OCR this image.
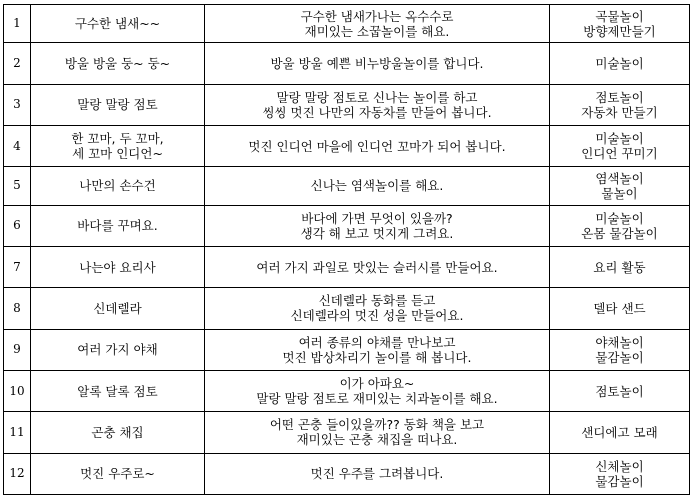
1	구수한 냄새~~	구수한 냄새가나는 옥수수로
재미있는 소꿉놀이를 해요.	곡물놀이
방향제만들기
2	방울 방울 둥~ 둥~	방울 방울 예쁜 비누방울놀이를 합니다.	미술놀이
3	말랑 말랑 점토	말랑 말랑 점토로 신나는 놀이를 하고
씽씽 멋진 나만의 자동차를 만들어 봅니다.	점토놀이
자동차 만들기
4	한 꼬마, 두 꼬마,
세 꼬마 인디언~	멋진 인디언 마을에 인디언 꼬마가 되어 봅니다.	미술놀이
인디언 꾸미기
5	나만의 손수건	신나는 염색놀이를 해요.	염색놀이
물놀이
6	바다를 꾸며요.	바다에 가면 무엇이 있을까?
생각 해 보고 멋지게 그려요.	미술놀이
온몸 물감놀이
7	나는야 요리사	여러 가지 과일로 맛있는 슬러시를 만들어요.	요리 활동
8	신데렐라	신데렐라 동화를 듣고
신데렐라의 멋진 성을 만들어요.	델타 샌드
9	여러 가지 야채	여러 종류의 야채를 만나보고
멋진 밥상차리기 놀이를 해 봅니다.	야채놀이
물감놀이
10	알록 달록 점토	이가 아파요~
말랑 말랑 점토로 재미있는 치과놀이를 해요.	점토놀이
11	곤충 채집	어떤 곤충 들이있을까?? 동화 책을 보고
재미있는 곤충 채집을 떠나요.	샌디에고 모래
12	멋진 우주로~	멋진 우주를 그려봅니다.	신체놀이
물감놀이
